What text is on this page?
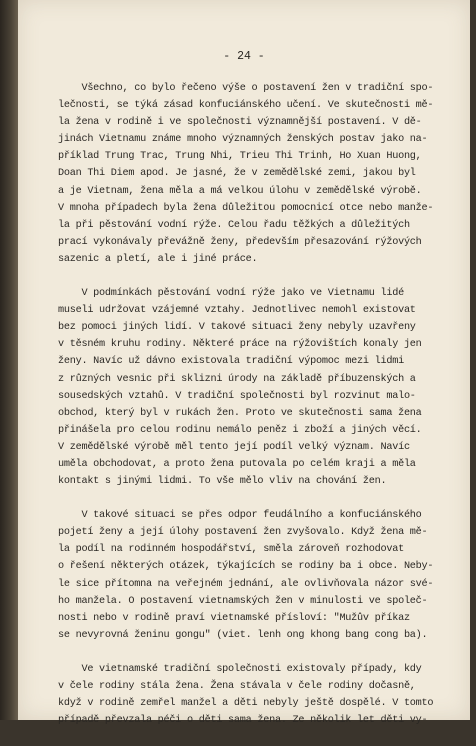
- 24 -
Všechno, co bylo řečeno výše o postavení žen v tradiční spo-
lečnosti, se týká zásad konfuciánského učení. Ve skutečnosti mě-
la žena v rodině i ve společnosti významnější postavení. V dě-
jinách Vietnamu známe mnoho významných ženských postav jako na-
příklad Trung Trac, Trung Nhi, Trieu Thi Trinh, Ho Xuan Huong,
Doan Thi Diem apod. Je jasné, že v zemědělské zemi, jakou byl
a je Vietnam, žena měla a má velkou úlohu v zemědělské výrobě.
V mnoha případech byla žena důležitou pomocnicí otce nebo manže-
la při pěstování vodní rýže. Celou řadu těžkých a důležitých
prací vykonávaly převážně ženy, především přesazování rýžových
sazenic a pletí, ale i jiné práce.
V podmínkách pěstování vodní rýže jako ve Vietnamu lidé
museli udržovat vzájemné vztahy. Jednotlivec nemohl existovat
bez pomoci jiných lidí. V takové situaci ženy nebyly uzavřeny
v těsném kruhu rodiny. Některé práce na rýžovištích konaly jen
ženy. Navíc už dávno existovala tradiční výpomoc mezi lidmi
z různých vesnic při sklizni úrody na základě příbuzenských a
sousedských vztahů. V tradiční společnosti byl rozvinut malo-
obchod, který byl v rukách žen. Proto ve skutečnosti sama žena
přinášela pro celou rodinu nemálo peněz i zboží a jiných věcí.
V zemědělské výrobě měl tento její podíl velký význam. Navíc
uměla obchodovat, a proto žena putovala po celém kraji a měla
kontakt s jinými lidmi. To vše mělo vliv na chování žen.
V takové situaci se přes odpor feudálního a konfuciánského
pojetí ženy a její úlohy postavení žen zvyšovalo. Když žena mě-
la podíl na rodinném hospodářství, směla zároveň rozhodovat
o řešení některých otázek, týkajících se rodiny ba i obce. Neby-
le sice přítomna na veřejném jednání, ale ovlivňovala názor své-
ho manžela. O postavení vietnamských žen v minulosti ve společ-
nosti nebo v rodině praví vietnamské přísloví: "Mužův příkaz
se nevyrovná ženinu gongu" (viet. lenh ong khong bang cong ba).
Ve vietnamské tradiční společnosti existovaly případy, kdy
v čele rodiny stála žena. Žena stávala v čele rodiny dočasně,
když v rodině zemřel manžel a děti nebyly ještě dospělé. V tomto
případě převzala péči o děti sama žena. Ze několik let děti vy-
